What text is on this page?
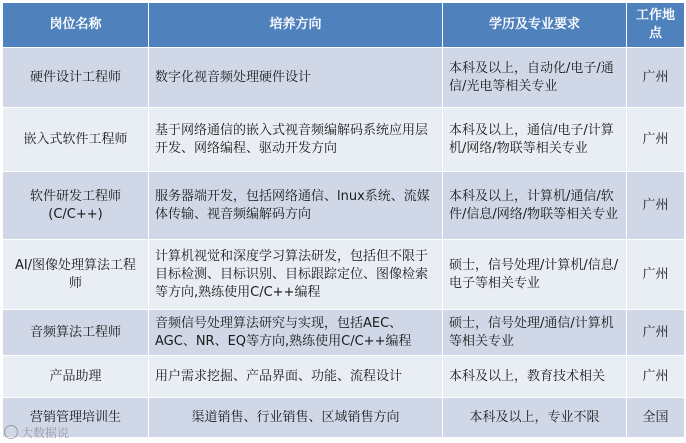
岗位名称	培养方向	学历及专业要求	工作地点
硬件设计工程师	数字化视音频处理硬件设计	本科及以上，自动化/电子/通信/光电等相关专业	广州
嵌入式软件工程师	基于网络通信的嵌入式视音频编解码系统应用层开发、网络编程、驱动开发方向	本科及以上，通信/电子/计算机/网络/物联等相关专业	广州
软件研发工程师(C/C++)	服务器端开发，包括网络通信、lnux系统、流媒体传输、视音频编解码方向	本科及以上，计算机/通信/软件/信息/网络/物联等相关专业	广州
AI/图像处理算法工程师	计算机视觉和深度学习算法研发，包括但不限于目标检测、目标识别、目标跟踪定位、图像检索等方向,熟练使用C/C++编程	硕士，信号处理/计算机/信息/电子等相关专业	广州
音频算法工程师	音频信号处理算法研究与实现，包括AEC、AGC、NR、EQ等方向,熟练使用C/C++编程	硕士，信号处理/通信/计算机等相关专业	广州
产品助理	用户需求挖掘、产品界面、功能、流程设计	本科及以上，教育技术相关	广州
营销管理培训生	渠道销售、行业销售、区域销售方向	本科及以上，专业不限	全国
大数据说
